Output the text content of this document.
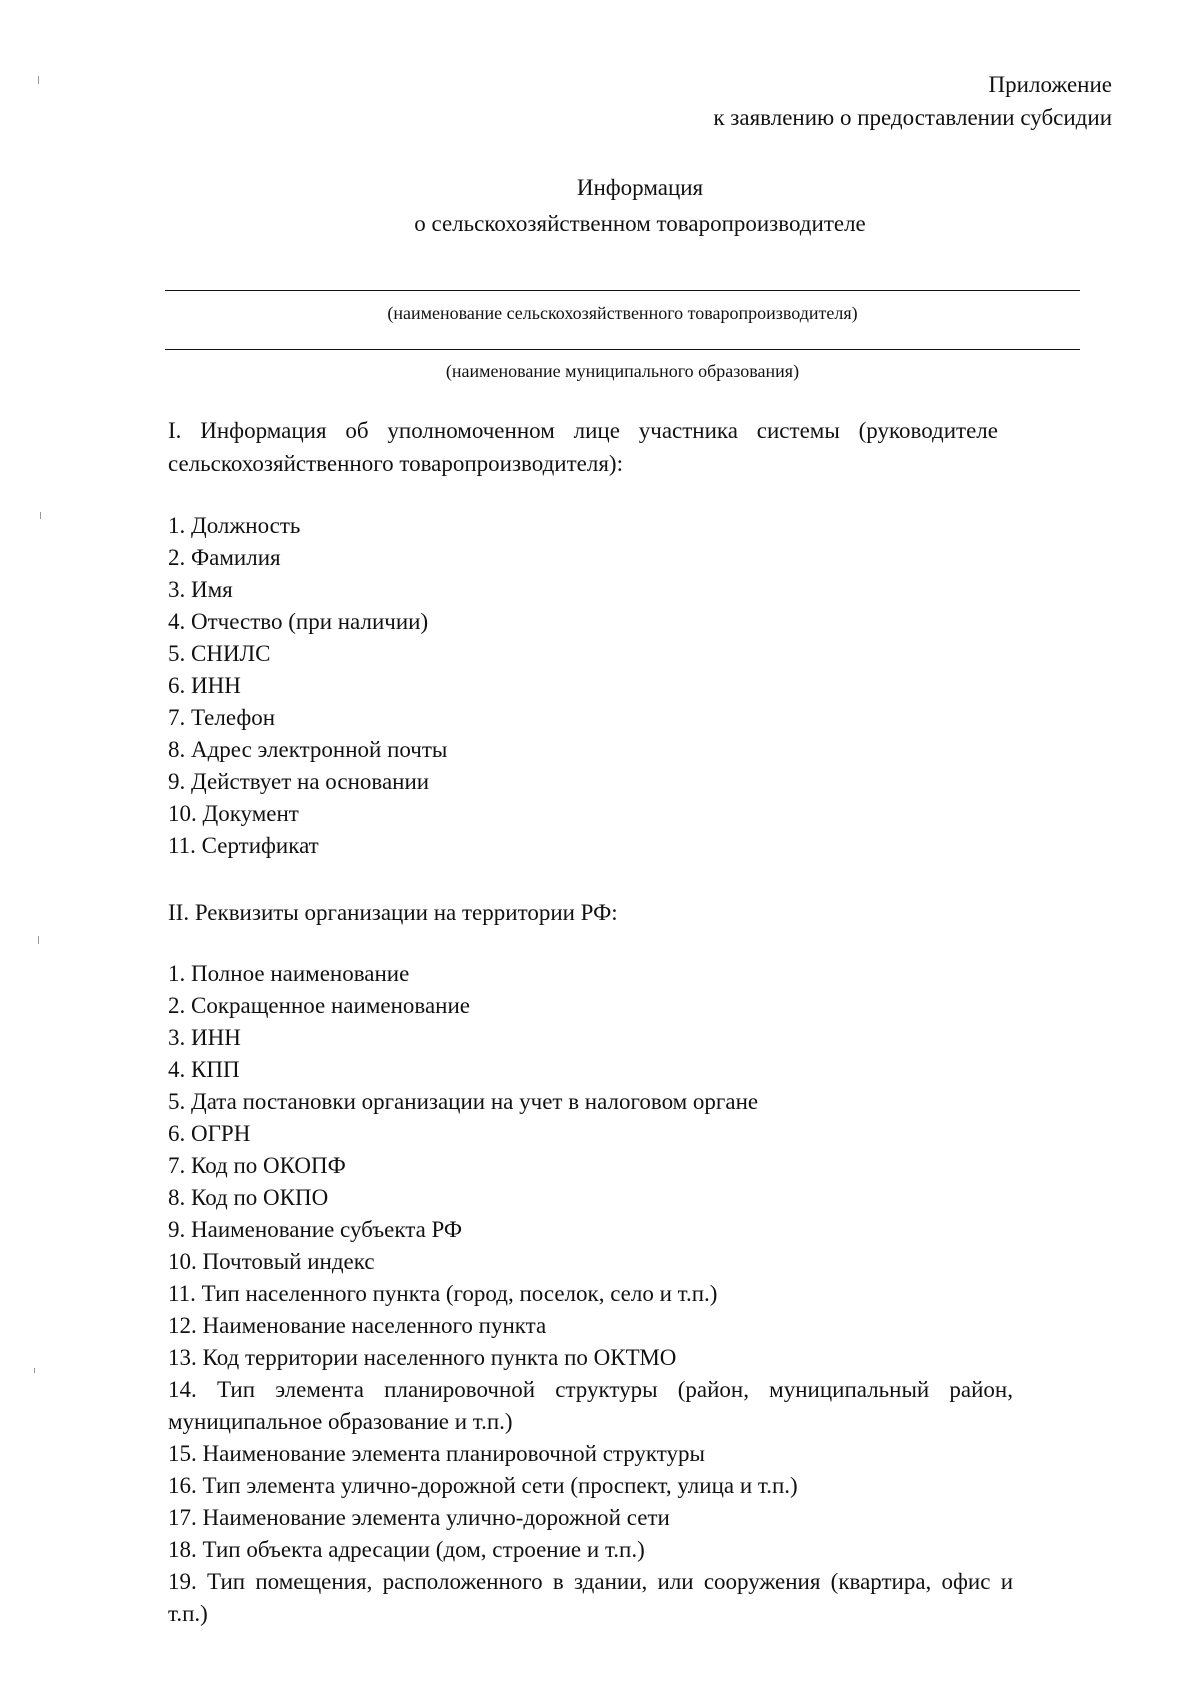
Приложение
к заявлению о предоставлении субсидии
Информация
о сельскохозяйственном товаропроизводителе
(наименование сельскохозяйственного товаропроизводителя)
(наименование муниципального образования)
I. Информация об уполномоченном лице участника системы (руководителе сельскохозяйственного товаропроизводителя):
1. Должность
2. Фамилия
3. Имя
4. Отчество (при наличии)
5. СНИЛС
6. ИНН
7. Телефон
8. Адрес электронной почты
9. Действует на основании
10. Документ
11. Сертификат
II. Реквизиты организации на территории РФ:
1. Полное наименование
2. Сокращенное наименование
3. ИНН
4. КПП
5. Дата постановки организации на учет в налоговом органе
6. ОГРН
7. Код по ОКОПФ
8. Код по ОКПО
9. Наименование субъекта РФ
10. Почтовый индекс
11. Тип населенного пункта (город, поселок, село и т.п.)
12. Наименование населенного пункта
13. Код территории населенного пункта по ОКТМО
14. Тип элемента планировочной структуры (район, муниципальный район, муниципальное образование и т.п.)
15. Наименование элемента планировочной структуры
16. Тип элемента улично-дорожной сети (проспект, улица и т.п.)
17. Наименование элемента улично-дорожной сети
18. Тип объекта адресации (дом, строение и т.п.)
19. Тип помещения, расположенного в здании, или сооружения (квартира, офис и т.п.)
